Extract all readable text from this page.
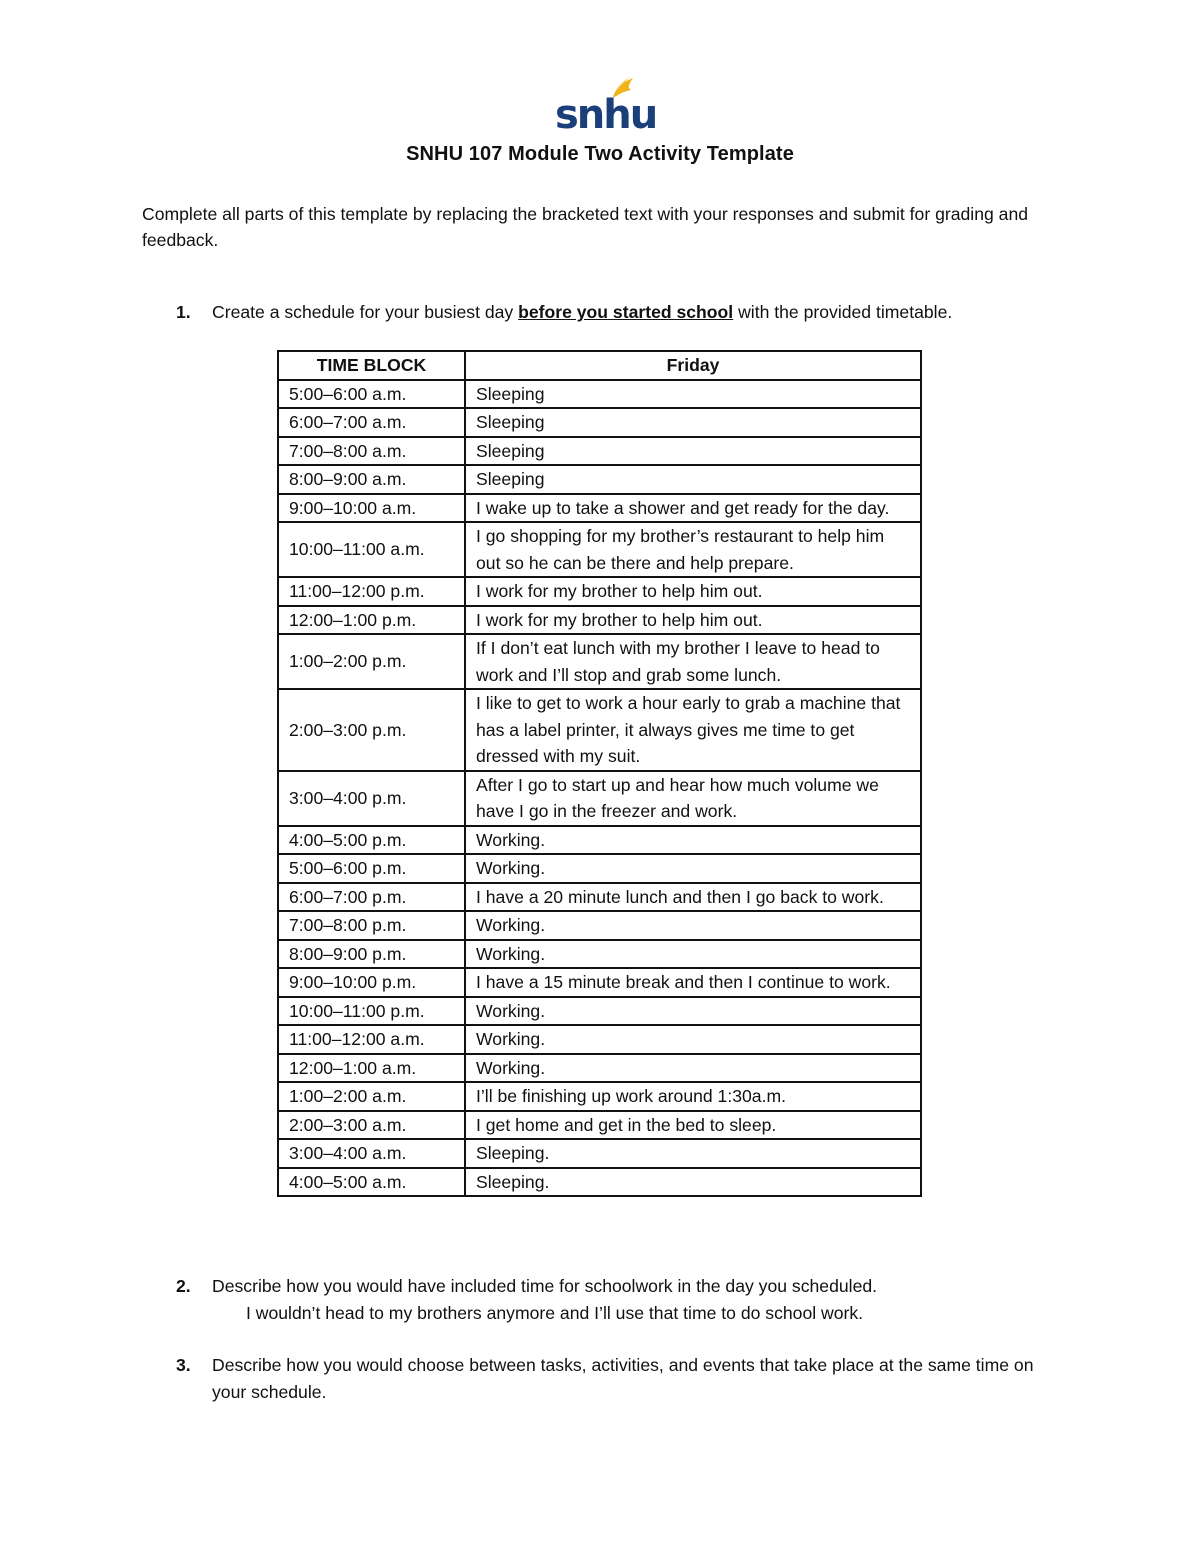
snhu
SNHU 107 Module Two Activity Template
Complete all parts of this template by replacing the bracketed text with your responses and submit for grading and feedback.
1. Create a schedule for your busiest day before you started school with the provided timetable.
TIME BLOCK	Friday
5:00–6:00 a.m.	Sleeping
6:00–7:00 a.m.	Sleeping
7:00–8:00 a.m.	Sleeping
8:00–9:00 a.m.	Sleeping
9:00–10:00 a.m.	I wake up to take a shower and get ready for the day.
10:00–11:00 a.m.	I go shopping for my brother’s restaurant to help him out so he can be there and help prepare.
11:00–12:00 p.m.	I work for my brother to help him out.
12:00–1:00 p.m.	I work for my brother to help him out.
1:00–2:00 p.m.	If I don’t eat lunch with my brother I leave to head to work and I’ll stop and grab some lunch.
2:00–3:00 p.m.	I like to get to work a hour early to grab a machine that has a label printer, it always gives me time to get dressed with my suit.
3:00–4:00 p.m.	After I go to start up and hear how much volume we have I go in the freezer and work.
4:00–5:00 p.m.	Working.
5:00–6:00 p.m.	Working.
6:00–7:00 p.m.	I have a 20 minute lunch and then I go back to work.
7:00–8:00 p.m.	Working.
8:00–9:00 p.m.	Working.
9:00–10:00 p.m.	I have a 15 minute break and then I continue to work.
10:00–11:00 p.m.	Working.
11:00–12:00 a.m.	Working.
12:00–1:00 a.m.	Working.
1:00–2:00 a.m.	I’ll be finishing up work around 1:30a.m.
2:00–3:00 a.m.	I get home and get in the bed to sleep.
3:00–4:00 a.m.	Sleeping.
4:00–5:00 a.m.	Sleeping.
2. Describe how you would have included time for schoolwork in the day you scheduled.
I wouldn’t head to my brothers anymore and I’ll use that time to do school work.
3. Describe how you would choose between tasks, activities, and events that take place at the same time on your schedule.
